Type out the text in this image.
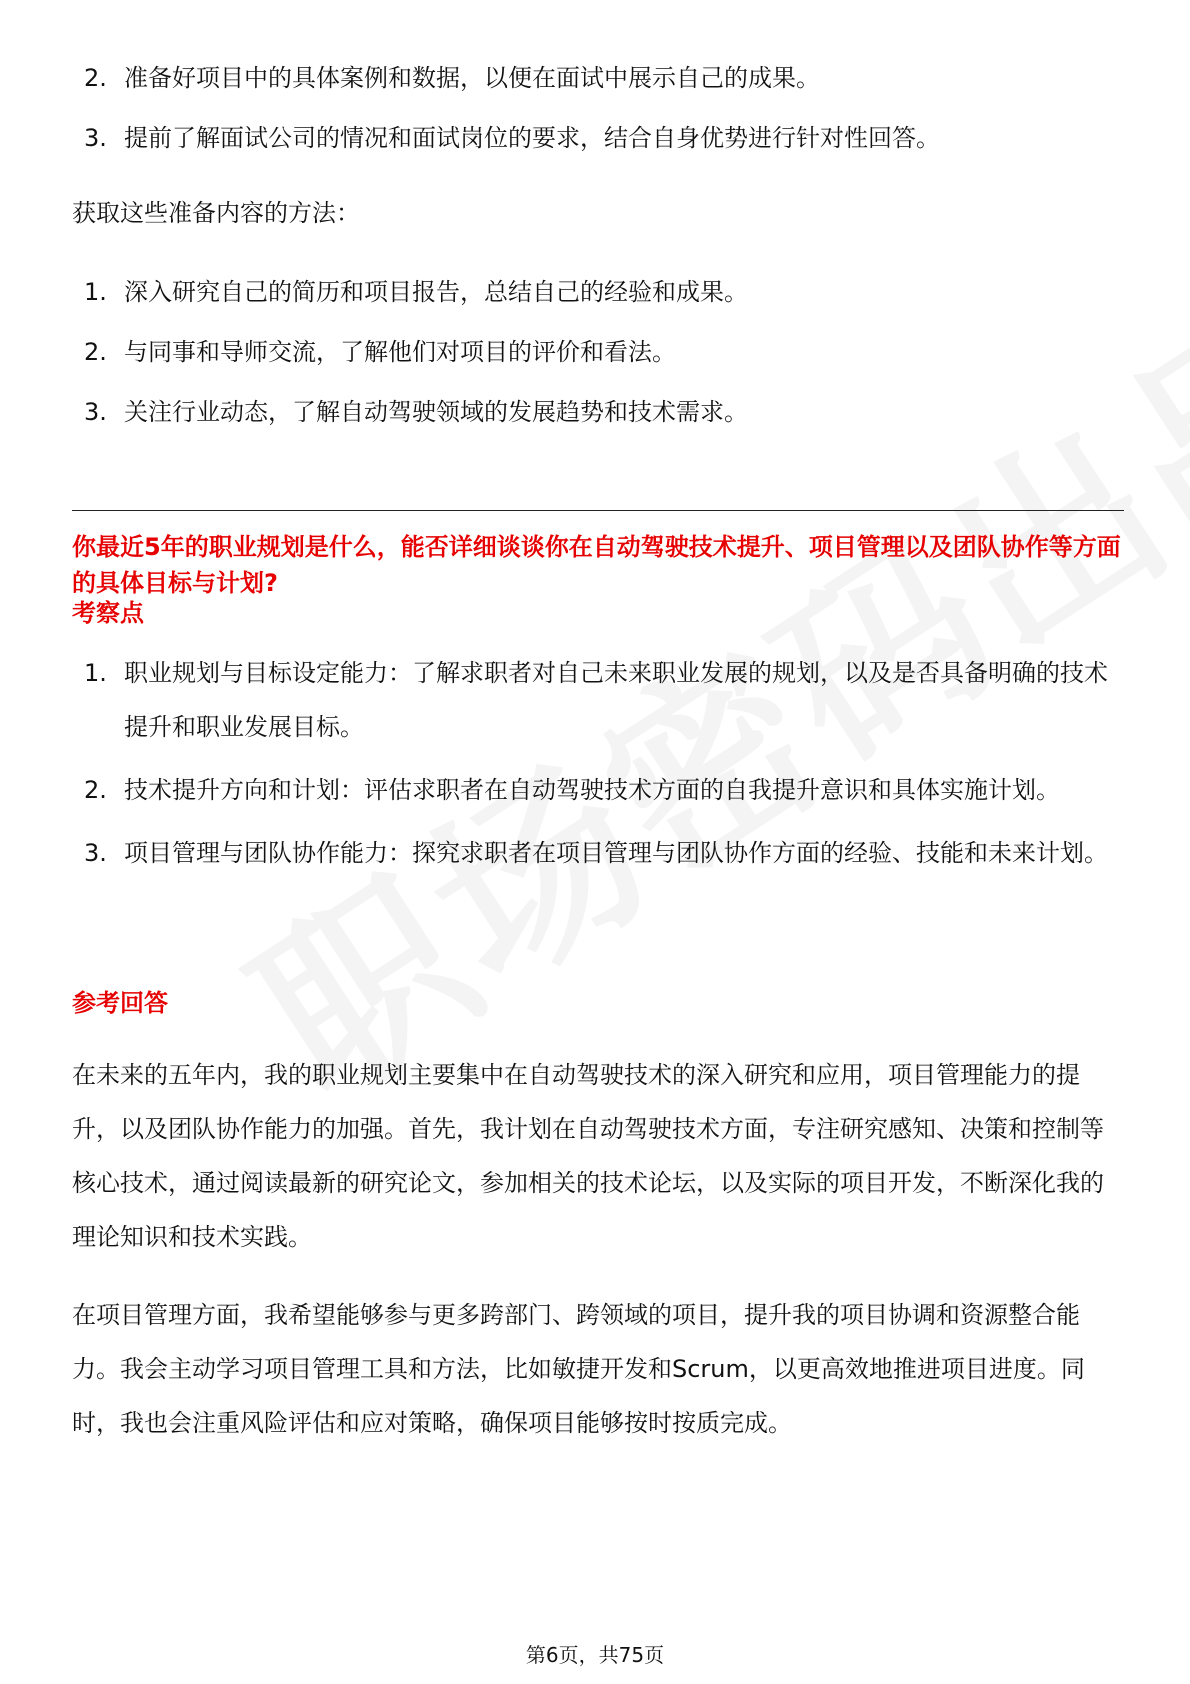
2. 准备好项目中的具体案例和数据，以便在面试中展示自己的成果。
3. 提前了解面试公司的情况和面试岗位的要求，结合自身优势进行针对性回答。

获取这些准备内容的方法：

1. 深入研究自己的简历和项目报告，总结自己的经验和成果。
2. 与同事和导师交流，了解他们对项目的评价和看法。
3. 关注行业动态，了解自动驾驶领域的发展趋势和技术需求。
你最近5年的职业规划是什么，能否详细谈谈你在自动驾驶技术提升、项目管理以及团队协作等方面的具体目标与计划?
考察点
1. 职业规划与目标设定能力：了解求职者对自己未来职业发展的规划，以及是否具备明确的技术提升和职业发展目标。
2. 技术提升方向和计划：评估求职者在自动驾驶技术方面的自我提升意识和具体实施计划。
3. 项目管理与团队协作能力：探究求职者在项目管理与团队协作方面的经验、技能和未来计划。
参考回答

在未来的五年内，我的职业规划主要集中在自动驾驶技术的深入研究和应用，项目管理能力的提升，以及团队协作能力的加强。首先，我计划在自动驾驶技术方面，专注研究感知、决策和控制等核心技术，通过阅读最新的研究论文，参加相关的技术论坛，以及实际的项目开发，不断深化我的理论知识和技术实践。

在项目管理方面，我希望能够参与更多跨部门、跨领域的项目，提升我的项目协调和资源整合能力。我会主动学习项目管理工具和方法，比如敏捷开发和Scrum，以更高效地推进项目进度。同时，我也会注重风险评估和应对策略，确保项目能够按时按质完成。

第6页，共75页
